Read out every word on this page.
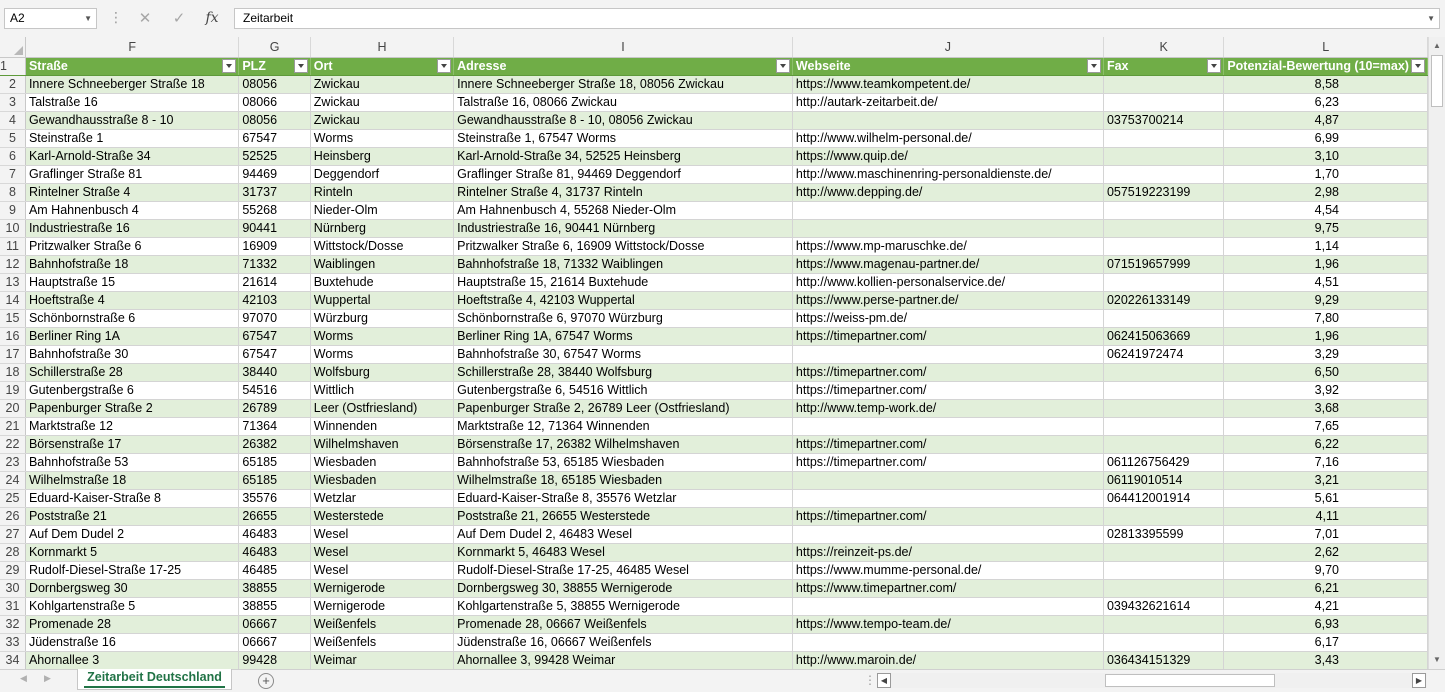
A2	▼ ⋮	✕	✓	fx	Zeitarbeit	▼
	F	G	H	I	J	K	L
1	Straße	PLZ	Ort	Adresse	Webseite	Fax	Potenzial-Bewertung (10=max)

2	Innere Schneeberger Straße 18	08056	Zwickau	Innere Schneeberger Straße 18, 08056 Zwickau	https://www.teamkompetent.de/		8,58
3	Talstraße 16	08066	Zwickau	Talstraße 16, 08066 Zwickau	http://autark-zeitarbeit.de/		6,23
4	Gewandhausstraße 8 - 10	08056	Zwickau	Gewandhausstraße 8 - 10, 08056 Zwickau		03753700214	4,87
5	Steinstraße 1	67547	Worms	Steinstraße 1, 67547 Worms	http://www.wilhelm-personal.de/		6,99
6	Karl-Arnold-Straße 34	52525	Heinsberg	Karl-Arnold-Straße 34, 52525 Heinsberg	https://www.quip.de/		3,10
7	Graflinger Straße 81	94469	Deggendorf	Graflinger Straße 81, 94469 Deggendorf	http://www.maschinenring-personaldienste.de/		1,70
8	Rintelner Straße 4	31737	Rinteln	Rintelner Straße 4, 31737 Rinteln	http://www.depping.de/	057519223199	2,98
9	Am Hahnenbusch 4	55268	Nieder-Olm	Am Hahnenbusch 4, 55268 Nieder-Olm			4,54
10	Industriestraße 16	90441	Nürnberg	Industriestraße 16, 90441 Nürnberg			9,75
11	Pritzwalker Straße 6	16909	Wittstock/Dosse	Pritzwalker Straße 6, 16909 Wittstock/Dosse	https://www.mp-maruschke.de/		1,14
12	Bahnhofstraße 18	71332	Waiblingen	Bahnhofstraße 18, 71332 Waiblingen	https://www.magenau-partner.de/	071519657999	1,96
13	Hauptstraße 15	21614	Buxtehude	Hauptstraße 15, 21614 Buxtehude	http://www.kollien-personalservice.de/		4,51
14	Hoeftstraße 4	42103	Wuppertal	Hoeftstraße 4, 42103 Wuppertal	https://www.perse-partner.de/	020226133149	9,29
15	Schönbornstraße 6	97070	Würzburg	Schönbornstraße 6, 97070 Würzburg	https://weiss-pm.de/		7,80
16	Berliner Ring 1A	67547	Worms	Berliner Ring 1A, 67547 Worms	https://timepartner.com/	062415063669	1,96
17	Bahnhofstraße 30	67547	Worms	Bahnhofstraße 30, 67547 Worms		06241972474	3,29
18	Schillerstraße 28	38440	Wolfsburg	Schillerstraße 28, 38440 Wolfsburg	https://timepartner.com/		6,50
19	Gutenbergstraße 6	54516	Wittlich	Gutenbergstraße 6, 54516 Wittlich	https://timepartner.com/		3,92
20	Papenburger Straße 2	26789	Leer (Ostfriesland)	Papenburger Straße 2, 26789 Leer (Ostfriesland)	http://www.temp-work.de/		3,68
21	Marktstraße 12	71364	Winnenden	Marktstraße 12, 71364 Winnenden			7,65
22	Börsenstraße 17	26382	Wilhelmshaven	Börsenstraße 17, 26382 Wilhelmshaven	https://timepartner.com/		6,22
23	Bahnhofstraße 53	65185	Wiesbaden	Bahnhofstraße 53, 65185 Wiesbaden	https://timepartner.com/	061126756429	7,16
24	Wilhelmstraße 18	65185	Wiesbaden	Wilhelmstraße 18, 65185 Wiesbaden		06119010514	3,21
25	Eduard-Kaiser-Straße 8	35576	Wetzlar	Eduard-Kaiser-Straße 8, 35576 Wetzlar		064412001914	5,61
26	Poststraße 21	26655	Westerstede	Poststraße 21, 26655 Westerstede	https://timepartner.com/		4,11
27	Auf Dem Dudel 2	46483	Wesel	Auf Dem Dudel 2, 46483 Wesel		02813395599	7,01
28	Kornmarkt 5	46483	Wesel	Kornmarkt 5, 46483 Wesel	https://reinzeit-ps.de/		2,62
29	Rudolf-Diesel-Straße 17-25	46485	Wesel	Rudolf-Diesel-Straße 17-25, 46485 Wesel	https://www.mumme-personal.de/		9,70
30	Dornbergsweg 30	38855	Wernigerode	Dornbergsweg 30, 38855 Wernigerode	https://www.timepartner.com/		6,21
31	Kohlgartenstraße 5	38855	Wernigerode	Kohlgartenstraße 5, 38855 Wernigerode		039432621614	4,21
32	Promenade 28	06667	Weißenfels	Promenade 28, 06667 Weißenfels	https://www.tempo-team.de/		6,93
33	Jüdenstraße 16	06667	Weißenfels	Jüdenstraße 16, 06667 Weißenfels			6,17
34	Ahornallee 3	99428	Weimar	Ahornallee 3, 99428 Weimar	http://www.maroin.de/	036434151329	3,43
▲
▼
◀ ▶	Zeitarbeit Deutschland	+	⋮ ◀	▶
